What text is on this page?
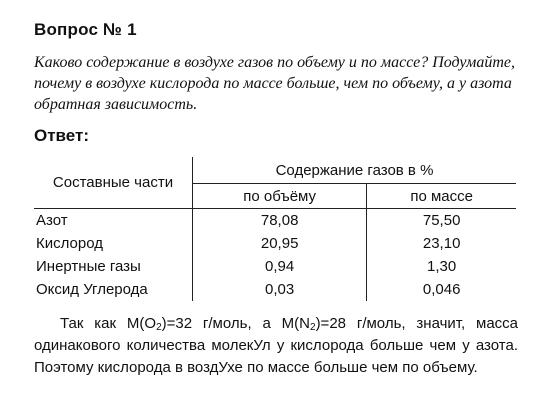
Вопрос № 1
Каково содержание в воздухе газов по объему и по массе? Подумайте, почему в воздухе кислорода по массе больше, чем по объему, а у азота обратная зависимость.
Ответ:
Составные части	Содержание газов в %	
	по объёму	по массе
Азот	78,08	75,50
Кислород	20,95	23,10
Инертные газы	0,94	1,30
Оксид Углерода	0,03	0,046
Так как $M(O_2)=32$ г/моль, а $M(N_2)=28$ г/моль, значит, масса одинакового количества молекУл у кислорода больше чем у азота. Поэтому кислорода в воздУхе по массе больше чем по объему.
